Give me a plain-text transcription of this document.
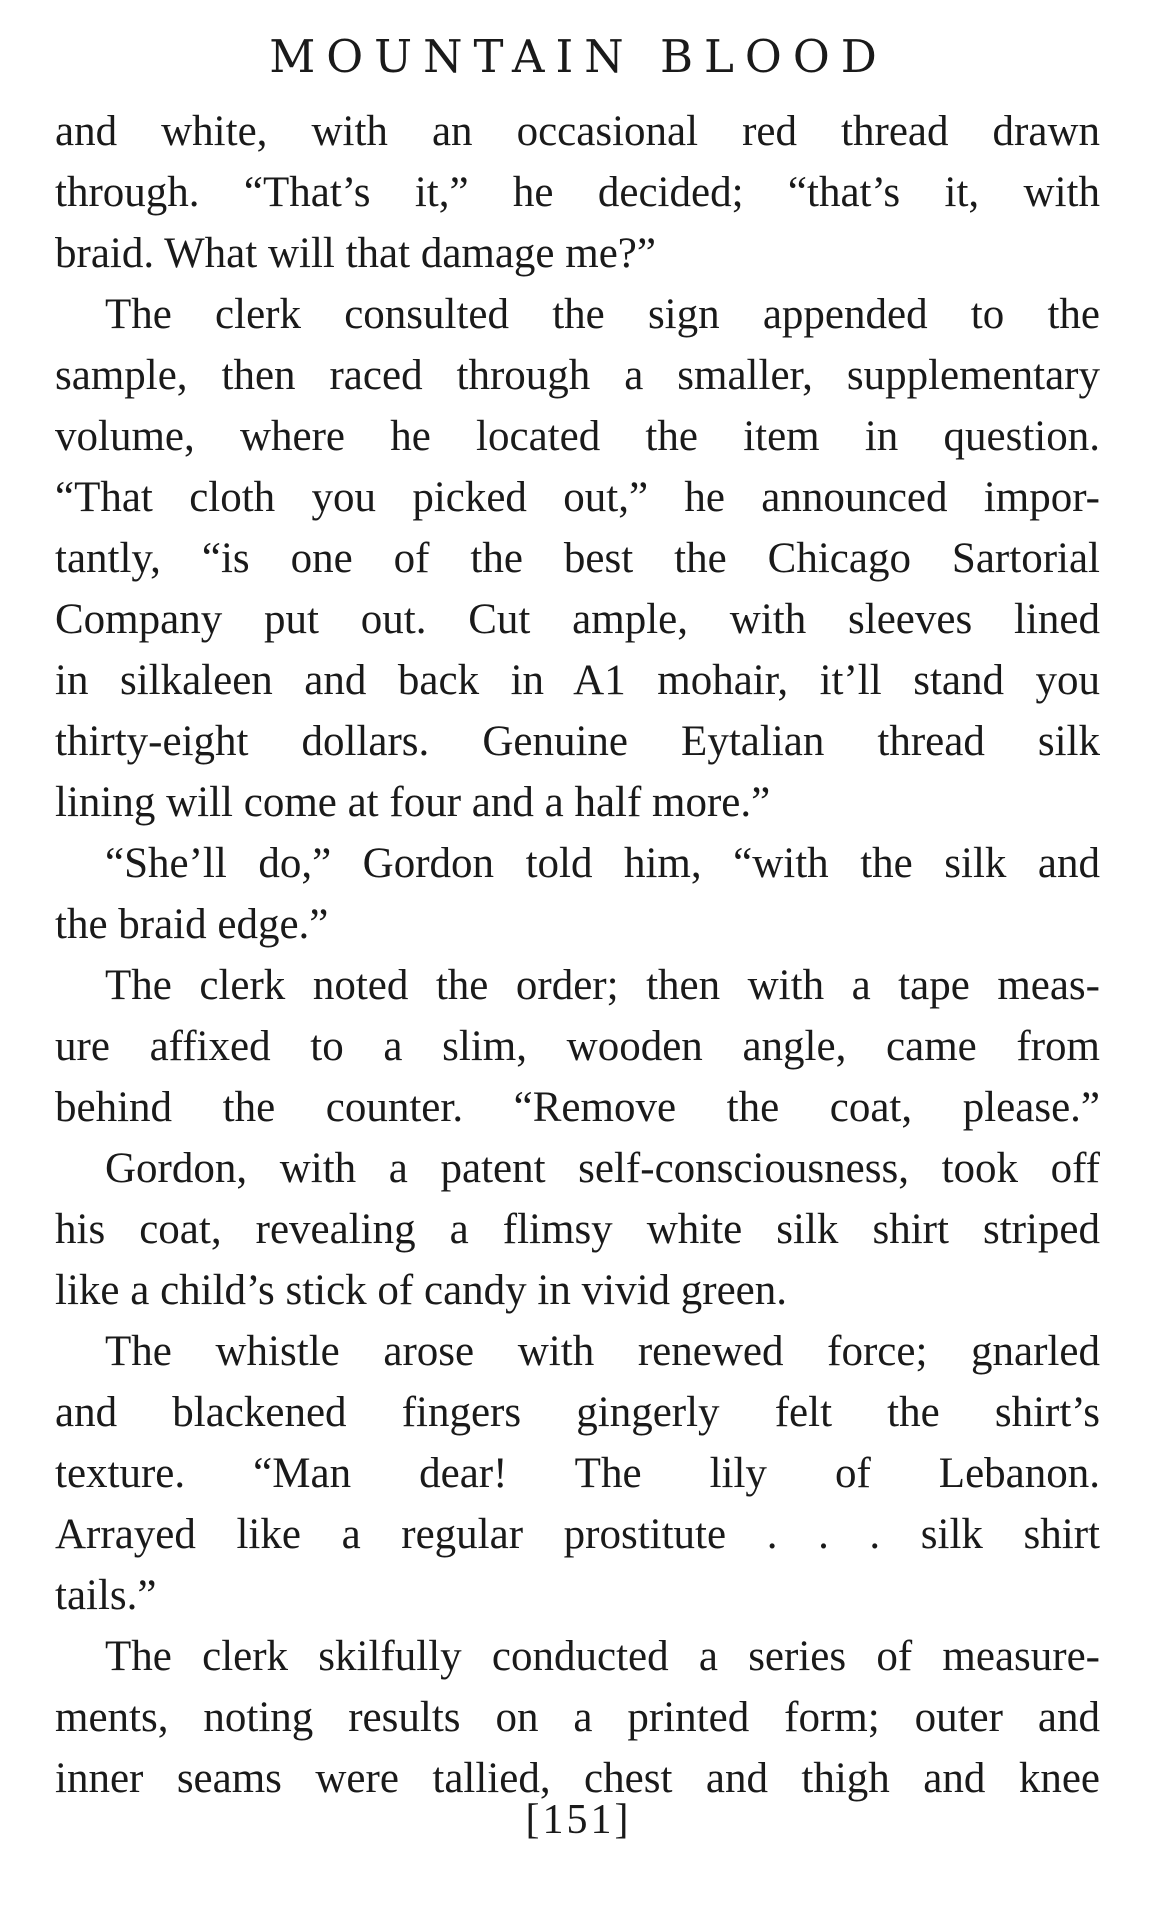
MOUNTAIN BLOOD
and white, with an occasional red thread drawn
through. “That’s it,” he decided; “that’s it, with
braid. What will that damage me?”
The clerk consulted the sign appended to the
sample, then raced through a smaller, supplementary
volume, where he located the item in question.
“That cloth you picked out,” he announced impor-
tantly, “is one of the best the Chicago Sartorial
Company put out. Cut ample, with sleeves lined
in silkaleen and back in A1 mohair, it’ll stand you
thirty-eight dollars. Genuine Eytalian thread silk
lining will come at four and a half more.”
“She’ll do,” Gordon told him, “with the silk and
the braid edge.”
The clerk noted the order; then with a tape meas-
ure affixed to a slim, wooden angle, came from
behind the counter. “Remove the coat, please.”
Gordon, with a patent self-consciousness, took off
his coat, revealing a flimsy white silk shirt striped
like a child’s stick of candy in vivid green.
The whistle arose with renewed force; gnarled
and blackened fingers gingerly felt the shirt’s
texture. “Man dear! The lily of Lebanon.
Arrayed like a regular prostitute . . . silk shirt
tails.”
The clerk skilfully conducted a series of measure-
ments, noting results on a printed form; outer and
inner seams were tallied, chest and thigh and knee
[151]
